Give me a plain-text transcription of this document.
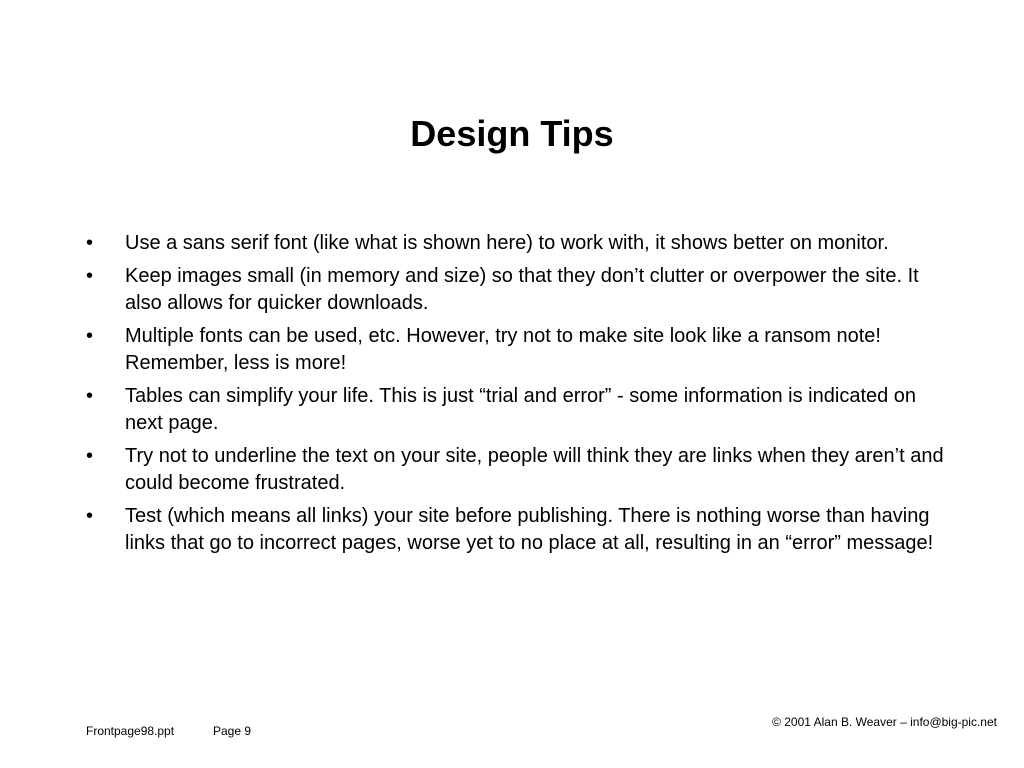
Design Tips
•	Use a sans serif font (like what is shown here) to work with, it shows better on monitor.
•	Keep images small (in memory and size) so that they don’t clutter or overpower the site. It also allows for quicker downloads.
•	Multiple fonts can be used, etc. However, try not to make site look like a ransom note! Remember, less is more!
•	Tables can simplify your life. This is just “trial and error” - some information is indicated on next page.
•	Try not to underline the text on your site, people will think they are links when they aren’t and could become frustrated.
•	Test (which means all links) your site before publishing. There is nothing worse than having links that go to incorrect pages, worse yet to no place at all, resulting in an “error” message!
© 2001 Alan B. Weaver – info@big-pic.net
Frontpage98.ppt	Page 9
